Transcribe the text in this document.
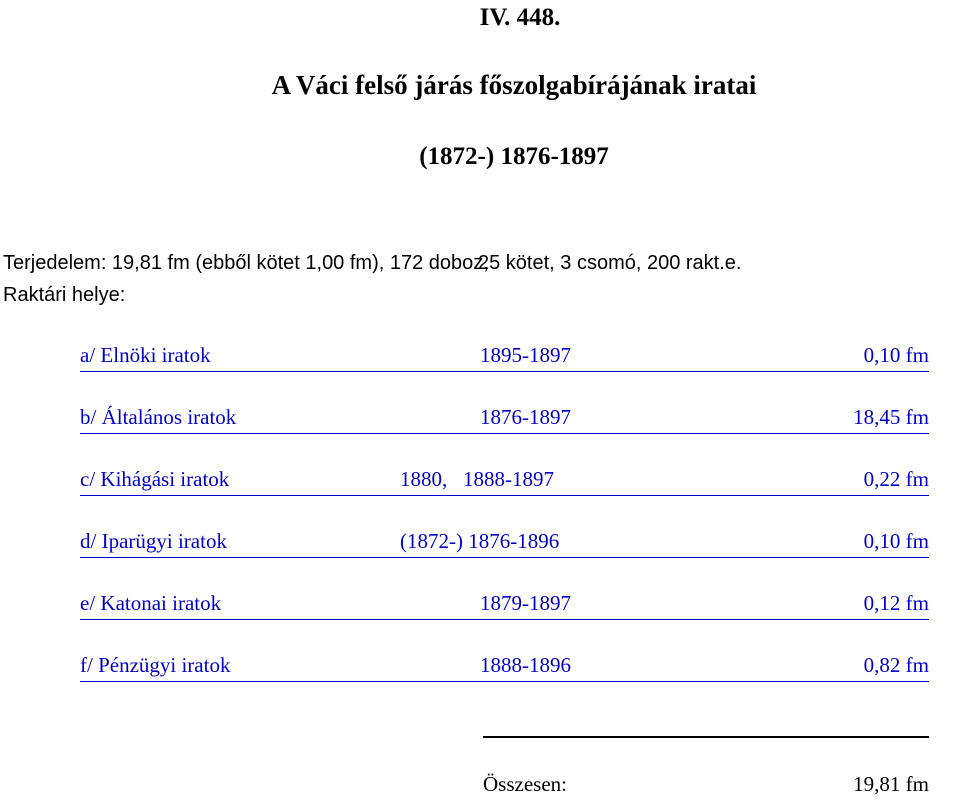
IV. 448.
A Váci felső járás főszolgabírájának iratai
(1872-) 1876-1897
Terjedelem: 19,81 fm (ebből kötet 1,00 fm), 172 doboz,
25 kötet, 3 csomó, 200 rakt.e.
Raktári helye:
a/ Elnöki iratok	1895-1897	0,10 fm
b/ Általános iratok	1876-1897	18,45 fm
c/ Kihágási iratok	1880,   1888-1897	0,22 fm
d/ Iparügyi iratok	(1872-) 1876-1896	0,10 fm
e/ Katonai iratok	1879-1897	0,12 fm
f/ Pénzügyi iratok	1888-1896	0,82 fm
Összesen:	19,81 fm
